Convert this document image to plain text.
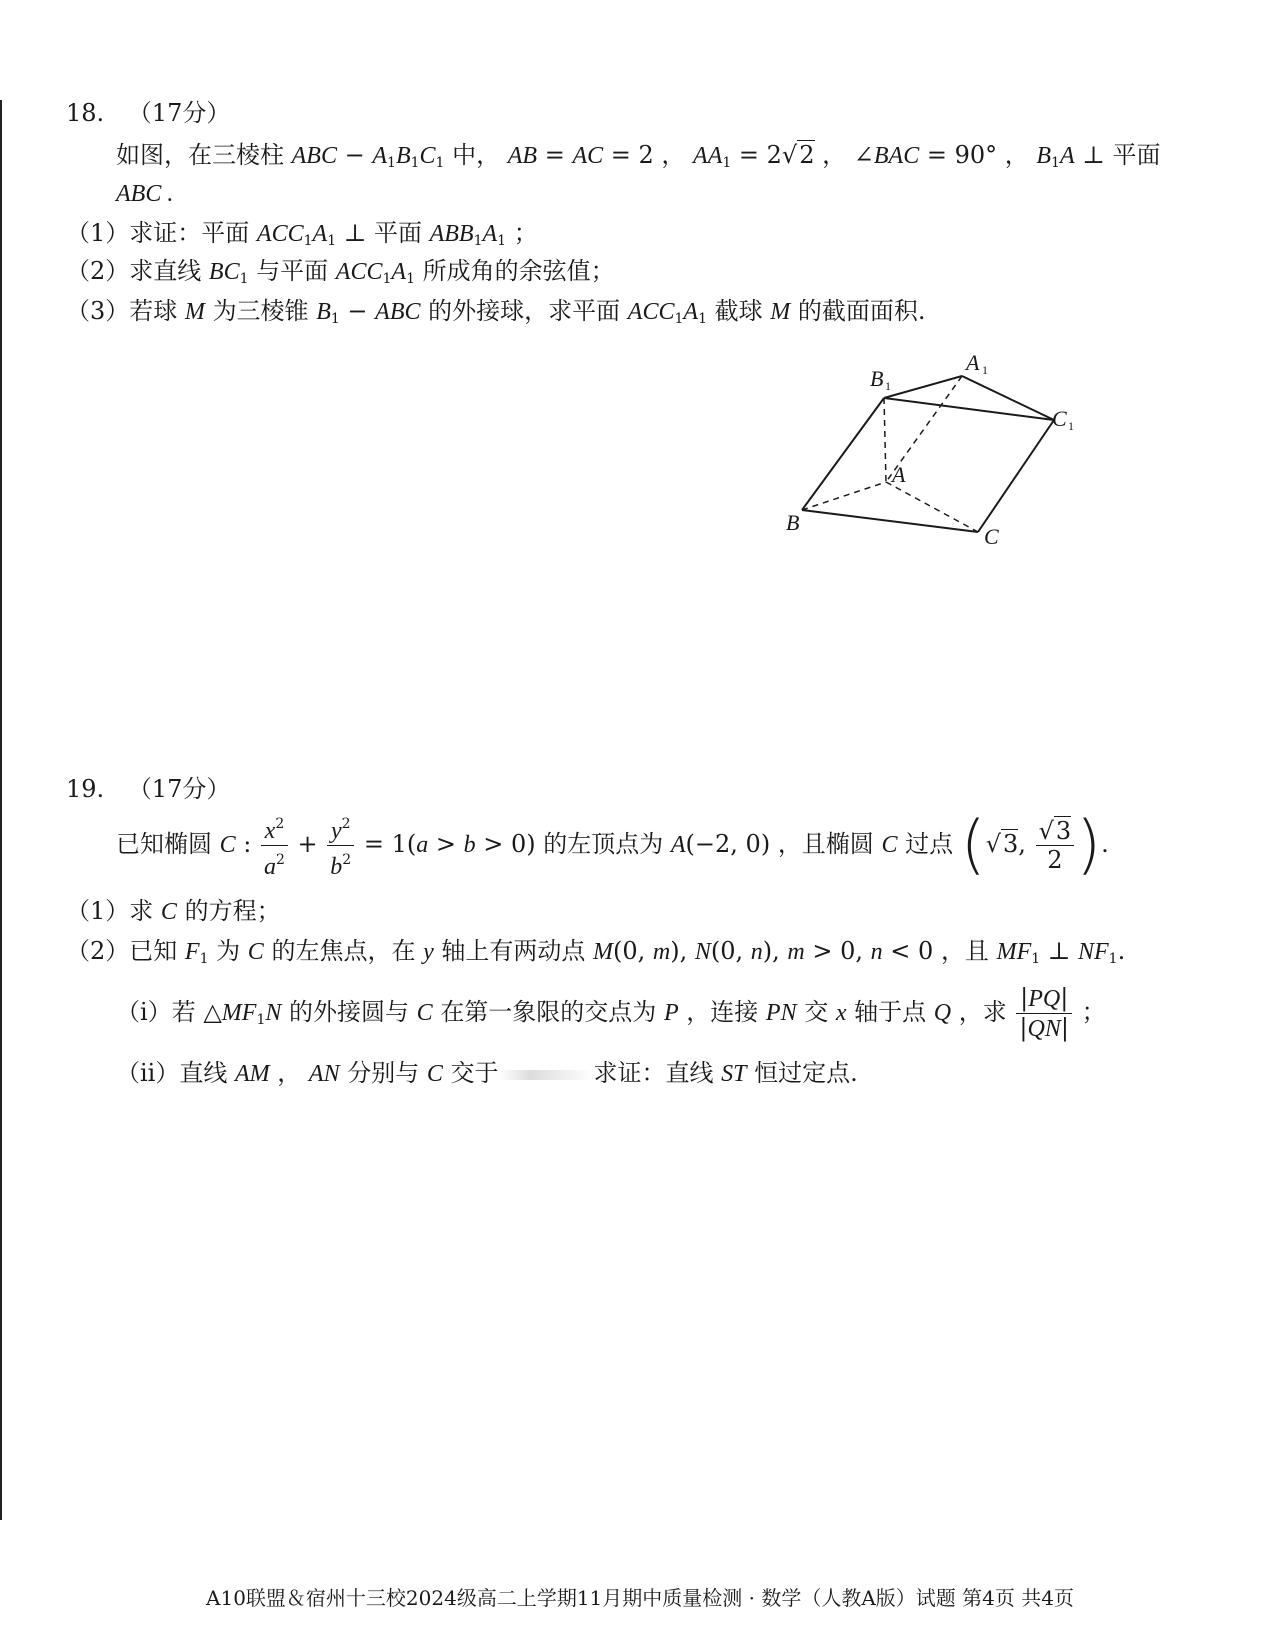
18. （17分）
如图，在三棱柱 ABC − $A_1B_1C_1$ 中， AB = AC = 2 ， $AA_1 = 2√2$ ， ∠BAC = 90° ， $B_1A$ ⊥ 平面
ABC .
（1）求证：平面 $ACC_1A_1$ ⊥ 平面 $ABB_1A_1$ ；
（2）求直线 $BC_1$ 与平面 $ACC_1A_1$ 所成角的余弦值；
（3）若球 M 为三棱锥 $B_1$ − ABC 的外接球，求平面 $ACC_1A_1$ 截球 M 的截面面积.
B
A
C
A 1
B 1
C 1
19. （17分）
已知椭圆 C : $\frac{x^2}{a^2} + \frac{y^2}{b^2} = 1(a > b > 0)$ 的左顶点为 A(−2, 0) ，且椭圆 C 过点 (√3, $\frac{√3}{2}$ ).
（1）求 C 的方程；
（2）已知 $F_1$ 为 C 的左焦点，在 y 轴上有两动点 M(0, m), N(0, n), m > 0, n < 0 ，且 $MF_1$ ⊥ $NF_1$.
（i）若 $\triangle MF_1N$ 的外接圆与 C 在第一象限的交点为 P ，连接 PN 交 x 轴于点 Q ，求 $\frac{|PQ|}{|QN|}$ ；
（ii）直线 AM ， AN 分别与 C 交于	求证：直线 ST 恒过定点.
A10联盟＆宿州十三校2024级高二上学期11月期中质量检测 · 数学（人教A版）试题 第4页 共4页
